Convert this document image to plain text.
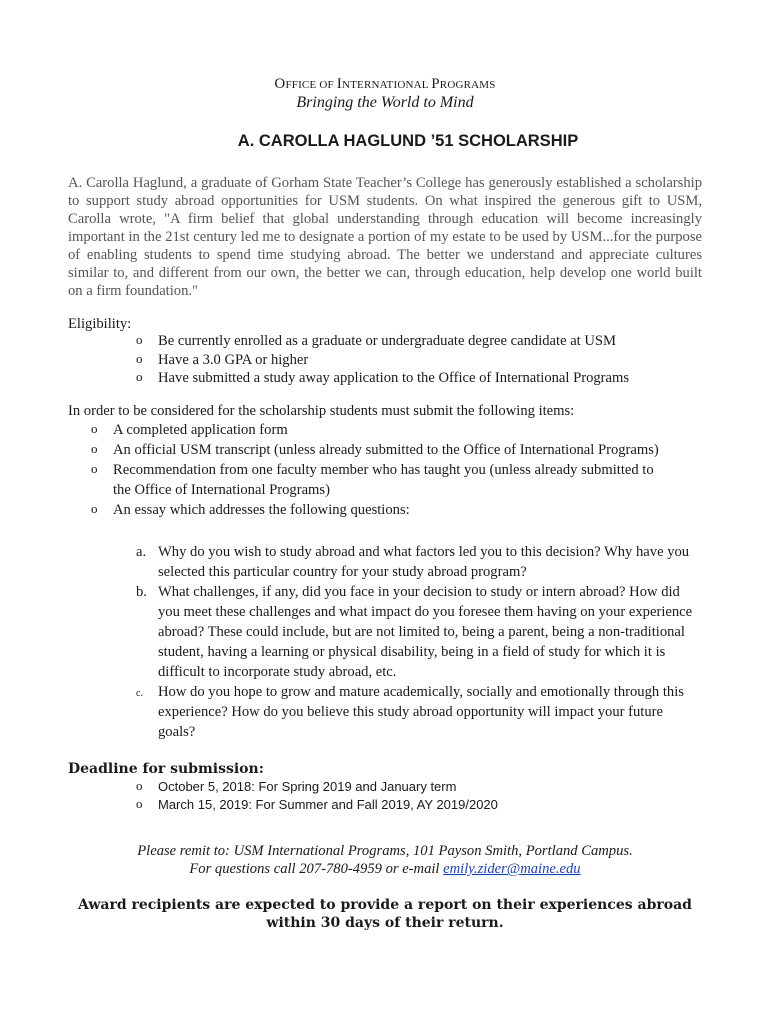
OFFICE OF INTERNATIONAL PROGRAMS
Bringing the World to Mind
A. CAROLLA HAGLUND ’51 SCHOLARSHIP
A. Carolla Haglund, a graduate of Gorham State Teacher’s College has generously established a scholarship to support study abroad opportunities for USM students. On what inspired the generous gift to USM, Carolla wrote, "A firm belief that global understanding through education will become increasingly important in the 21st century led me to designate a portion of my estate to be used by USM...for the purpose of enabling students to spend time studying abroad. The better we understand and appreciate cultures similar to, and different from our own, the better we can, through education, help develop one world built on a firm foundation."
Eligibility:
o Be currently enrolled as a graduate or undergraduate degree candidate at USM
o Have a 3.0 GPA or higher
o Have submitted a study away application to the Office of International Programs
In order to be considered for the scholarship students must submit the following items:
o A completed application form
o An official USM transcript (unless already submitted to the Office of International Programs)
o Recommendation from one faculty member who has taught you (unless already submitted to the Office of International Programs)
o An essay which addresses the following questions:
a. Why do you wish to study abroad and what factors led you to this decision? Why have you selected this particular country for your study abroad program?
b. What challenges, if any, did you face in your decision to study or intern abroad? How did you meet these challenges and what impact do you foresee them having on your experience abroad? These could include, but are not limited to, being a parent, being a non-traditional student, having a learning or physical disability, being in a field of study for which it is difficult to incorporate study abroad, etc.
c. How do you hope to grow and mature academically, socially and emotionally through this experience? How do you believe this study abroad opportunity will impact your future goals?
Deadline for submission:
o October 5, 2018: For Spring 2019 and January term
o March 15, 2019: For Summer and Fall 2019, AY 2019/2020
Please remit to: USM International Programs, 101 Payson Smith, Portland Campus.
For questions call 207-780-4959 or e-mail emily.zider@maine.edu
Award recipients are expected to provide a report on their experiences abroad within 30 days of their return.
